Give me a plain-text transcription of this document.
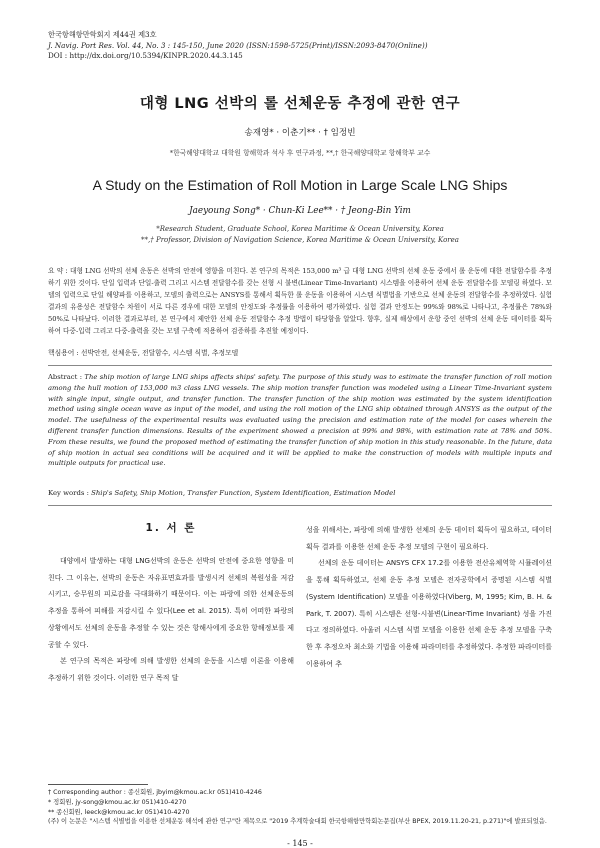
한국항해항만학회지 제44권 제3호
J. Navig. Port Res. Vol. 44, No. 3 : 145-150, June 2020 (ISSN:1598-5725(Print)/ISSN:2093-8470(Online))
DOI : http://dx.doi.org/10.5394/KINPR.2020.44.3.145
대형 LNG 선박의 롤 선체운동 추정에 관한 연구
송재영* · 이춘기** · † 임정빈
*한국해양대학교 대학원 항해학과 석사 후 연구과정, **,† 한국해양대학교 항해학부 교수
A Study on the Estimation of Roll Motion in Large Scale LNG Ships
Jaeyoung Song* · Chun-Ki Lee** · † Jeong-Bin Yim
*Research Student, Graduate School, Korea Maritime & Ocean University, Korea
**,† Professor, Division of Navigation Science, Korea Maritime & Ocean University, Korea
요 약 : 대형 LNG 선박의 선체 운동은 선박의 안전에 영향을 미친다. 본 연구의 목적은 153,000 m³ 급 대형 LNG 선박의 선체 운동 중에서 롤 운동에 대한 전달함수를 추정하기 위한 것이다. 단일 입력과 단일-출력 그리고 시스템 전달함수를 갖는 선형 시 불변(Linear Time-Invariant) 시스템을 이용하여 선체 운동 전달함수를 모델링 하였다. 모델의 입력으로 단일 해양파를 이용하고, 모델의 출력으로는 ANSYS를 통해서 획득한 롤 운동을 이용하여 시스템 식별법을 기반으로 선체 운동의 전달함수를 추정하였다. 실험 결과의 유용성은 전달함수 차원이 서로 다른 경우에 대한 모델의 안정도와 추정률을 이용하여 평가하였다. 실험 결과 안정도는 99%와 98%로 나타나고, 추정률은 78%와 50%로 나타났다. 이러한 결과로부터, 본 연구에서 제안한 선체 운동 전달함수 추정 방법이 타당함을 알았다. 향후, 실제 해상에서 운항 중인 선박의 선체 운동 데이터를 획득하여 다중-입력 그리고 다중-출력을 갖는 모델 구축에 적용하여 검증하를 추진할 예정이다.
핵심용어 : 선박안전, 선체운동, 전달함수, 시스템 식별, 추정모델
Abstract : The ship motion of large LNG ships affects ships' safety. The purpose of this study was to estimate the transfer function of roll motion among the hull motion of 153,000 m3 class LNG vessels. The ship motion transfer function was modeled using a Linear Time-Invariant system with single input, single output, and transfer function. The transfer function of the ship motion was estimated by the system identification method using single ocean wave as input of the model, and using the roll motion of the LNG ship obtained through ANSYS as the output of the model. The usefulness of the experimental results was evaluated using the precision and estimation rate of the model for cases wherein the different transfer function dimensions. Results of the experiment showed a precision at 99% and 98%, with estimation rate at 78% and 50%. From these results, we found the proposed method of estimating the transfer function of ship motion in this study reasonable. In the future, data of ship motion in actual sea conditions will be acquired and it will be applied to make the construction of models with multiple inputs and multiple outputs for practical use.
Key words : Ship's Safety, Ship Motion, Transfer Function, System Identification, Estimation Model
1. 서 론

대양에서 발생하는 대형 LNG선박의 운동은 선박의 안전에 중요한 영향을 미친다. 그 이유는, 선박의 운동은 자유표면효과를 발생시켜 선체의 복원성을 저감시키고, 승무원의 피로감을 극대화하기 때문이다. 이는 파랑에 의한 선체운동의 추정을 통하여 피해를 저감시킬 수 있다(Lee et al. 2015). 특히 어떠한 파랑의 상황에서도 선체의 운동을 추정할 수 있는 것은 항해사에게 중요한 항해정보를 제공할 수 있다.

본 연구의 목적은 파랑에 의해 발생한 선체의 운동을 시스템 이론을 이용해 추정하기 위한 것이다. 이러한 연구 목적 달

성을 위해서는, 파랑에 의해 발생한 선체의 운동 데이터 획득이 필요하고, 데이터 획득 결과를 이용한 선체 운동 추정 모델의 구현이 필요하다.

선체의 운동 데이터는 ANSYS CFX 17.2를 이용한 전산유체역학 시뮬레이션을 통해 획득하였고, 선체 운동 추정 모델은 전자공학에서 증명된 시스템 식별(System Identification) 모델을 이용하였다(Viberg, M, 1995; Kim, B. H. & Park, T. 2007). 특히 시스템은 선형-시불변(Linear-Time Invariant) 성을 가진다고 정의하였다. 아울러 시스템 식별 모델을 이용한 선체 운동 추정 모델을 구축한 후 추정오차 최소화 기법을 이용해 파라미터를 추정하였다. 추정한 파라미터를 이용하여 추

† Corresponding author : 종신회원, jbyim@kmou.ac.kr 051)410-4246
* 정회원, jy-song@kmou.ac.kr 051)410-4270
** 종신회원, leeck@kmou.ac.kr 051)410-4270
(주) 이 논문은 "시스템 식별법을 이용한 선체운동 해석에 관한 연구"란 제목으로 "2019 추계학술대회 한국항해항만학회논문집(부산 BPEX, 2019.11.20-21, p.271)"에 발표되었음.
- 145 -
